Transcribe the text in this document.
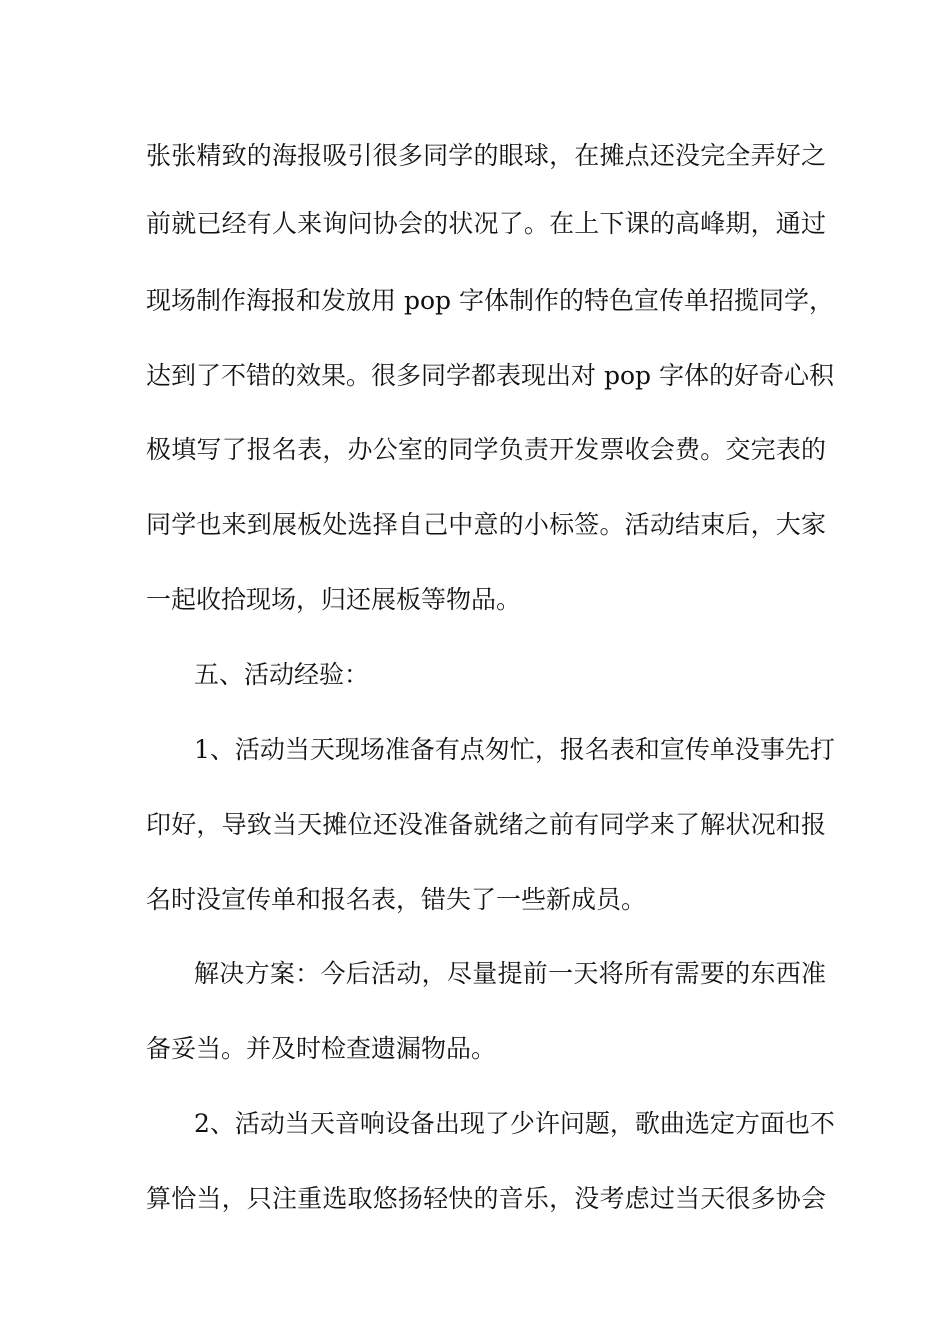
张张精致的海报吸引很多同学的眼球，在摊点还没完全弄好之
前就已经有人来询问协会的状况了。在上下课的高峰期，通过
现场制作海报和发放用 pop 字体制作的特色宣传单招揽同学，
达到了不错的效果。很多同学都表现出对 pop 字体的好奇心积
极填写了报名表，办公室的同学负责开发票收会费。交完表的
同学也来到展板处选择自己中意的小标签。活动结束后，大家
一起收拾现场，归还展板等物品。
五、活动经验：
1、活动当天现场准备有点匆忙，报名表和宣传单没事先打
印好，导致当天摊位还没准备就绪之前有同学来了解状况和报
名时没宣传单和报名表，错失了一些新成员。
解决方案：今后活动，尽量提前一天将所有需要的东西准
备妥当。并及时检查遗漏物品。
2、活动当天音响设备出现了少许问题，歌曲选定方面也不
算恰当，只注重选取悠扬轻快的音乐，没考虑过当天很多协会
